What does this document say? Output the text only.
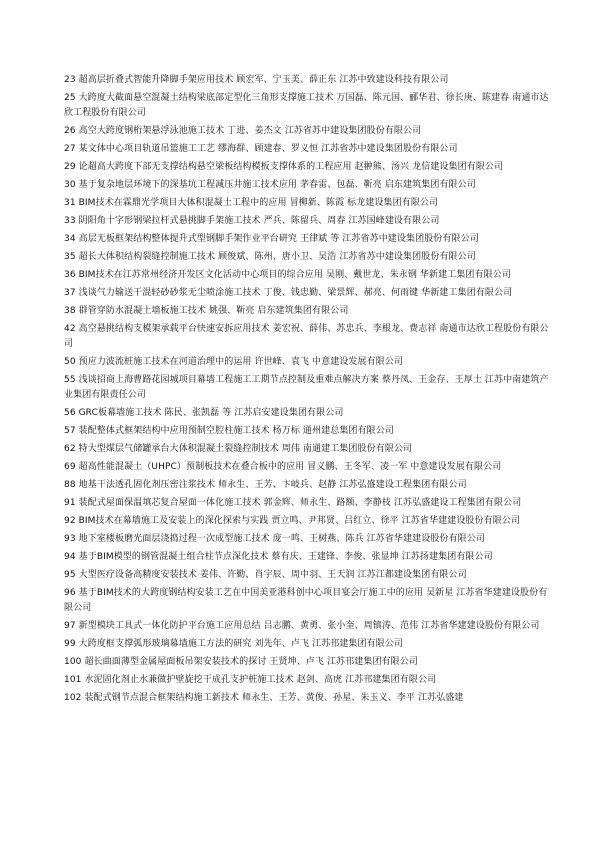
23 超高层折叠式智能升降脚手架应用技术 顾宏军、宁玉美、薛正东 江苏中致建设科技有限公司

25 大跨度大截面悬空混凝土结构梁底部定型化三角形支撑施工技术 万国磊、陈元国、郦华君、徐长庚、陈建春 南通市达欣工程股份有限公司

26 高空大跨度钢桁架悬浮泳池施工技术 丁进、姜杰文 江苏省苏中建设集团股份有限公司

27 某文体中心项目轨道吊篮施工工艺 缪海群、顾建春、罗义恒 江苏省苏中建设集团股份有限公司

29 论超高大跨度下部无支撑结构悬空梁板结构模板支撑体系的工程应用 赵翀熊、汤兴 龙信建设集团有限公司

30 基于复杂地层环境下的深基坑工程减压井施工技术应用 茅春雷、包磊、靳亮 启东建筑集团有限公司

31 BIM技术在霖鼎光学项目大体积混凝土工程中的应用 冒柳新、陈霞 标龙建设集团有限公司

33 阴阳角十字形钢梁拉杆式悬挑脚手架施工技术 严兵、陈留兵、周春 江苏国峰建设有限公司

34 高层无板框架结构整体提升式型钢脚手架作业平台研究 王律斌 等 江苏省苏中建设集团股份有限公司

35 超长大体积结构裂缝控制施工技术 顾俊斌、陈州、唐小卫、吴浩 江苏省苏中建设集团股份有限公司

36 BIM技术在江苏常州经济开发区文化活动中心项目的综合应用 吴刚、戴世龙、朱永钢 华新建工集团有限公司

37 浅谈气力输送干混轻砂砂浆无尘喷涂施工技术 丁俊、钱忠勤、梁景辉、郝亮、何雨键 华新建工集团有限公司

38 群管穿防水混凝土墙板施工技术 姚强、靳亮 启东建筑集团有限公司

42 高空悬挑结构支模架承载平台快速安拆应用技术 姜宏祝、薛伟、苏忠兵、李根龙、费志祥 南通市达欣工程股份有限公司

50 预应力波流桩施工技术在河道治理中的运用 许世峰、袁飞 中意建设发展有限公司

55 浅谈招商上海曹路花园城项目幕墙工程施工工期节点控制及重难点解决方案 蔡丹凤、王金存、王厚土 江苏中南建筑产业集团有限责任公司

56 GRC板幕墙施工技术 陈民、张凯磊 等 江苏启安建设集团有限公司

57 装配整体式框架结构中应用预制空腔柱施工技术 杨万标 通州建总集团有限公司

62 特大型煤层气储罐承台大体积混凝土裂缝控制技术 周伟 南通建工集团股份有限公司

69 超高性能混凝土（UHPC）预制板技术在叠合板中的应用 冒义鹏、王冬军、凌一军 中意建设发展有限公司

88 地基干法透孔固化剂压密注浆技术 师永生、王芳、卞岐兵、赵静 江苏弘盛建设工程集团有限公司

91 装配式屋面保温填芯复合屋面一体化施工技术 郭金辉、师永生、路额、李静枝 江苏弘盛建设工程集团有限公司

92 BIM技术在幕墙施工及安装上的深化探索与实践 贾立鸣、尹邦贤、吕红立、徐平 江苏省华建建设股份有限公司

93 地下室楼板磨光面层浇捣过程一次成型施工技术 庞一鸣、王树燕、陈兵 江苏省华建建设股份有限公司

94 基于BIM模型的钢管混凝土组合柱节点深化技术 蔡有庆、王建锋、李俊、张显坤 江苏扬建集团有限公司

95 大型医疗设备高精度安装技术 姜伟、许勤、肖宇辰、周中羽、王天润 江苏江都建设集团有限公司

96 基于BIM技术的大跨度钢结构安装工艺在中国美亚港科创中心项目宴会厅施工中的应用 吴新星 江苏省华建建设股份有限公司

97 新型模块工具式一体化防护平台施工应用总结 吕志鹏、黄勇、张小奎、周镇涛、范伟 江苏省华建建设股份有限公司

99 大跨度框支撑弧形玻璃幕墙施工方法的研究 刘先年、卢飞 江苏邗建集团有限公司

100 超长曲面薄型金属屋面板吊架安装技术的探讨 王贤坤、卢飞 江苏邗建集团有限公司

101 水泥固化剂止水兼做护壁旋挖干成孔支护桩施工技术 赵剑、高虎 江苏邗建集团有限公司

102 装配式钢节点混合框架结构施工新技术 师永生、王芳、黄俊、孙星、朱玉义、李平 江苏弘盛建
